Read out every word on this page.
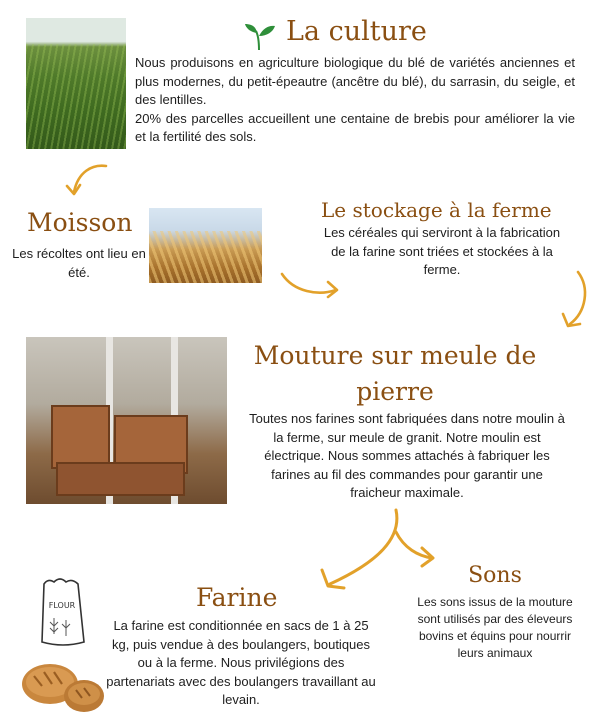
La culture
Nous produisons en agriculture biologique du blé de variétés anciennes et plus modernes, du petit-épeautre (ancêtre du blé), du sarrasin, du seigle, et des lentilles.
20% des parcelles accueillent une centaine de brebis pour améliorer la vie et la fertilité des sols.
Moisson
Les récoltes ont lieu en été.
Le stockage à la ferme
Les céréales qui serviront à la fabrication de la farine sont triées et stockées à la ferme.
Mouture sur meule de
pierre
Toutes nos farines sont fabriquées dans notre moulin à la ferme, sur meule de granit. Notre moulin est électrique. Nous sommes attachés à fabriquer les farines au fil des commandes pour garantir une fraicheur maximale.
Sons
Les sons issus de la mouture sont utilisés par des éleveurs bovins et équins pour nourrir leurs animaux
FLOUR	Farine
La farine est conditionnée en sacs de 1 à 25 kg, puis vendue à des boulangers, boutiques ou à la ferme. Nous privilégions des partenariats avec des boulangers travaillant au levain.
